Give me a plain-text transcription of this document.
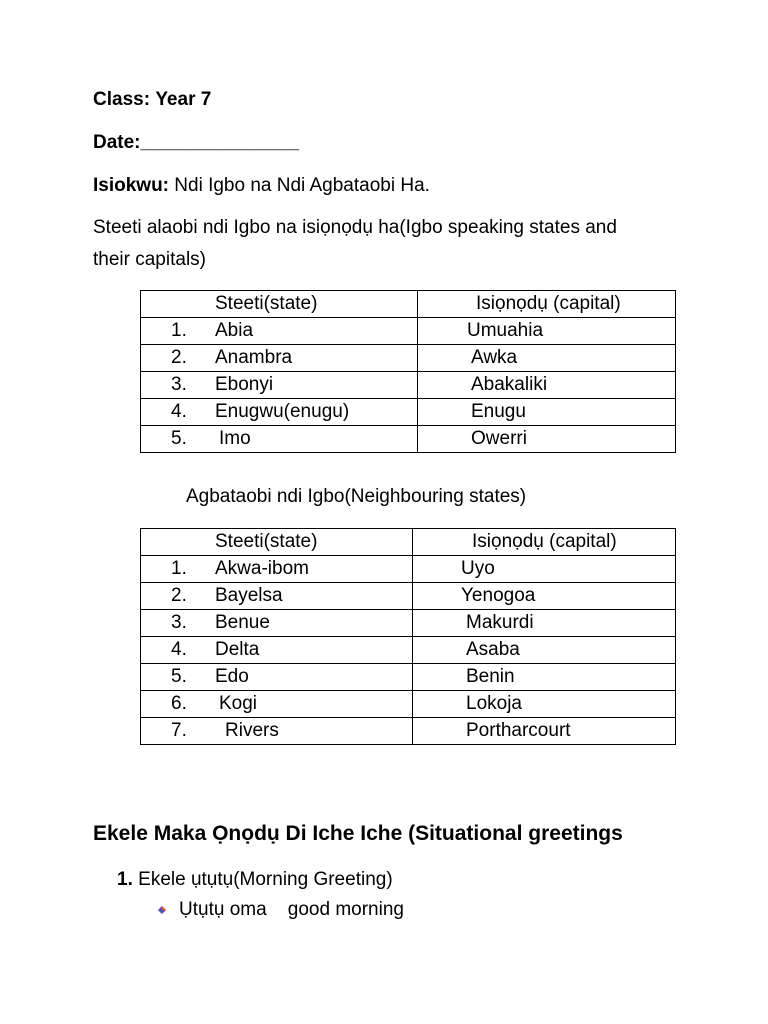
Class: Year 7
Date:_______________
Isiokwu: Ndi Igbo na Ndi Agbataobi Ha.
Steeti alaobi ndi Igbo na isiọnọdụ ha(Igbo speaking states and
their capitals)
Steeti(state)	Isiọnọdụ (capital)

1. Abia	Umuahia

2. Anambra	Awka

3. Ebonyi	Abakaliki

4. Enugwu(enugu)	Enugu

5. Imo	Owerri
Agbataobi ndi Igbo(Neighbouring states)
Steeti(state)	Isiọnọdụ (capital)

1. Akwa-ibom	Uyo

2. Bayelsa	Yenogoa

3. Benue	Makurdi

4. Delta	Asaba

5. Edo	Benin

6. Kogi	Lokoja

7. Rivers	Portharcourt
Ekele Maka Ọnọdụ Di Iche Iche (Situational greetings
1. Ekele ụtụtụ(Morning Greeting)
Ụtụtụ oma good morning
